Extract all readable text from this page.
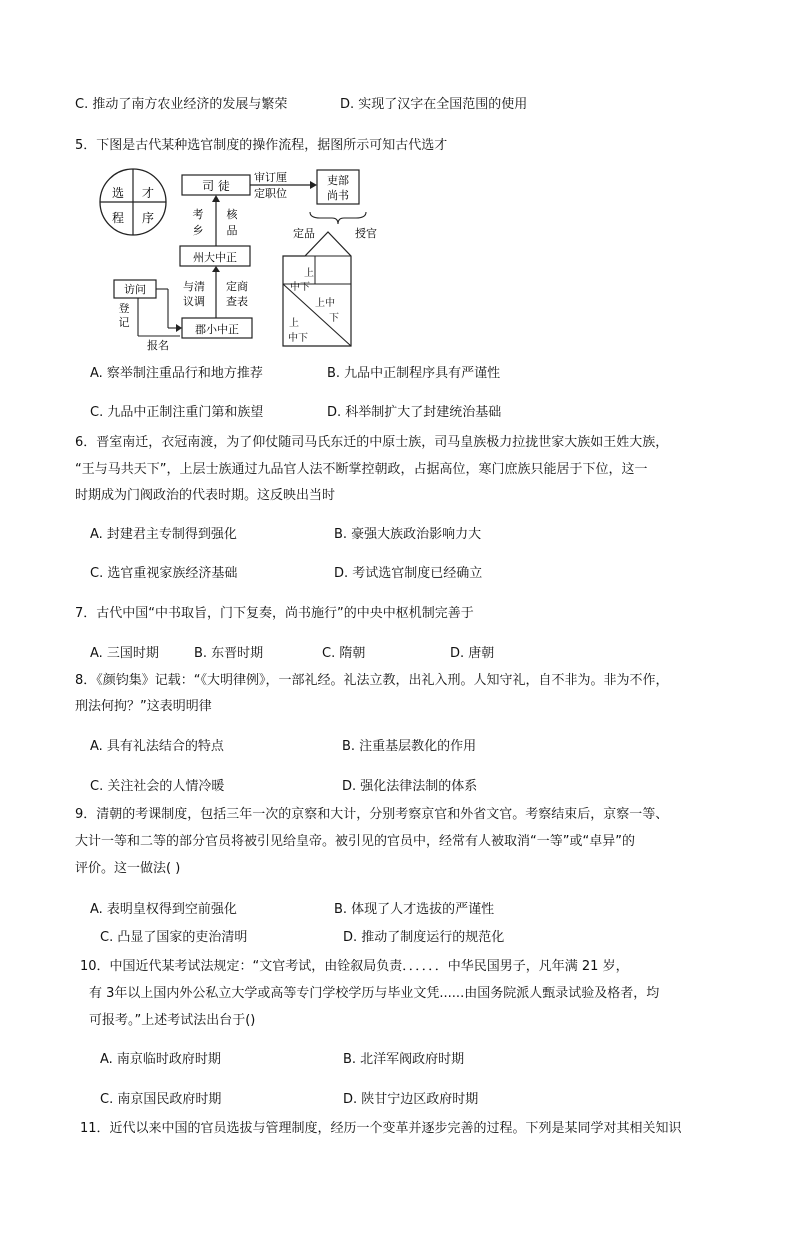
C. 推动了南方农业经济的发展与繁荣	D. 实现了汉字在全国范围的使用
5．下图是古代某种选官制度的操作流程，据图所示可知古代选才
选 才
程 序
司 徒
审订厘
定职位
吏部
尚书
定品	授官
考
乡
核
品
州大中正
与清
议调
定商
查表
访问
登
记
报名
郡小中正
上
中下
上中
下
上
中下
A. 察举制注重品行和地方推荐	B. 九品中正制程序具有严谨性
C. 九品中正制注重门第和族望	D. 科举制扩大了封建统治基础
6．晋室南迁，衣冠南渡，为了仰仗随司马氏东迁的中原士族，司马皇族极力拉拢世家大族如王姓大族，
“王与马共天下”，上层士族通过九品官人法不断掌控朝政，占据高位，寒门庶族只能居于下位，这一
时期成为门阀政治的代表时期。这反映出当时
A. 封建君主专制得到强化	B. 豪强大族政治影响力大
C. 选官重视家族经济基础	D. 考试选官制度已经确立
7．古代中国“中书取旨，门下复奏，尚书施行”的中央中枢机制完善于
A. 三国时期	B. 东晋时期	C. 隋朝	D. 唐朝
8．《颜钧集》记载：“《大明律例》，一部礼经。礼法立教，出礼入刑。人知守礼，自不非为。非为不作，
刑法何拘？”这表明明律
A. 具有礼法结合的特点	B. 注重基层教化的作用
C. 关注社会的人情冷暖	D. 强化法律法制的体系
9．清朝的考课制度，包括三年一次的京察和大计，分别考察京官和外省文官。考察结束后，京察一等、
大计一等和二等的部分官员将被引见给皇帝。被引见的官员中，经常有人被取消“一等”或“卓异”的
评价。这一做法( )
A. 表明皇权得到空前强化	B. 体现了人才选拔的严谨性
C. 凸显了国家的吏治清明	D. 推动了制度运行的规范化
10．中国近代某考试法规定：“文官考试，由铨叙局负责．．．．．．中华民国男子，凡年满 21 岁，
有 3年以上国内外公私立大学或高等专门学校学历与毕业文凭......由国务院派人甄录试验及格者，均
可报考。”上述考试法出台于()
A. 南京临时政府时期	B. 北洋军阀政府时期
C. 南京国民政府时期	D. 陕甘宁边区政府时期
11．近代以来中国的官员选拔与管理制度，经历一个变革并逐步完善的过程。下列是某同学对其相关知识
